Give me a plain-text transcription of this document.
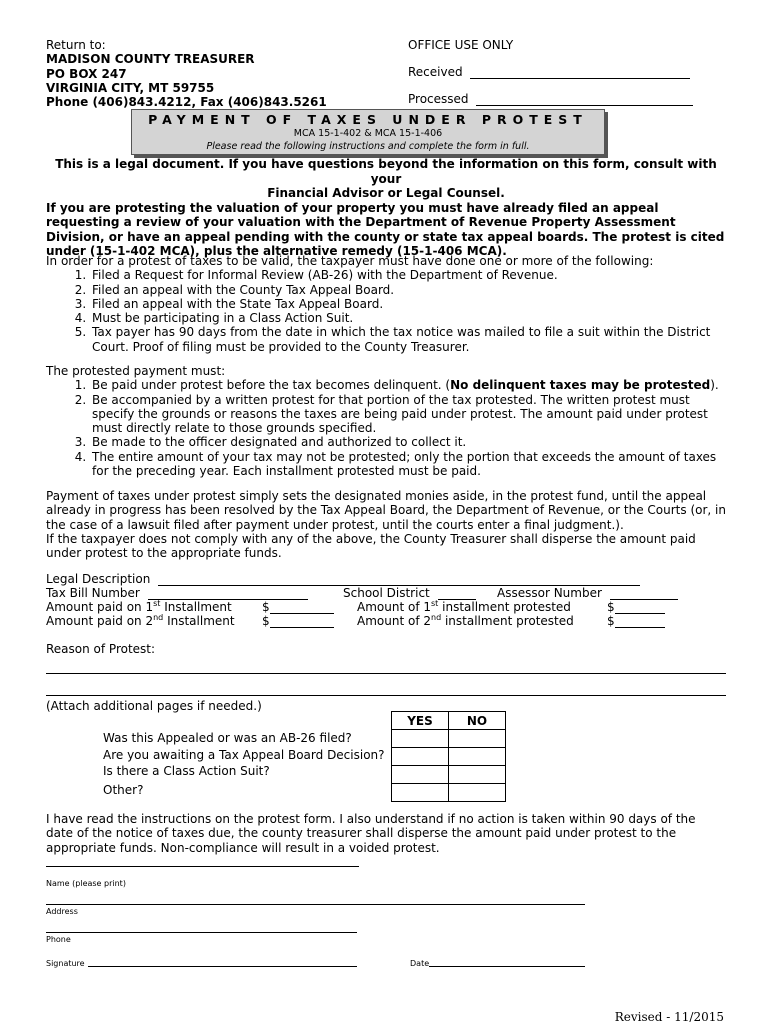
Return to:
MADISON COUNTY TREASURER
PO BOX 247
VIRGINIA CITY, MT 59755
Phone (406)843.4212, Fax (406)843.5261
OFFICE USE ONLY
Received
Processed
PAYMENT OF TAXES UNDER PROTEST
MCA 15-1-402 & MCA 15-1-406
Please read the following instructions and complete the form in full.
This is a legal document. If you have questions beyond the information on this form, consult with your
Financial Advisor or Legal Counsel.
If you are protesting the valuation of your property you must have already filed an appeal requesting a review of your valuation with the Department of Revenue Property Assessment Division, or have an appeal pending with the county or state tax appeal boards. The protest is cited under (15-1-402 MCA), plus the alternative remedy (15-1-406 MCA).
In order for a protest of taxes to be valid, the taxpayer must have done one or more of the following:
1. Filed a Request for Informal Review (AB-26) with the Department of Revenue.
2. Filed an appeal with the County Tax Appeal Board.
3. Filed an appeal with the State Tax Appeal Board.
4. Must be participating in a Class Action Suit.
5. Tax payer has 90 days from the date in which the tax notice was mailed to file a suit within the District Court. Proof of filing must be provided to the County Treasurer.
The protested payment must:
1. Be paid under protest before the tax becomes delinquent. (No delinquent taxes may be protested).
2. Be accompanied by a written protest for that portion of the tax protested. The written protest must specify the grounds or reasons the taxes are being paid under protest. The amount paid under protest must directly relate to those grounds specified.
3. Be made to the officer designated and authorized to collect it.
4. The entire amount of your tax may not be protested; only the portion that exceeds the amount of taxes for the preceding year. Each installment protested must be paid.
Payment of taxes under protest simply sets the designated monies aside, in the protest fund, until the appeal already in progress has been resolved by the Tax Appeal Board, the Department of Revenue, or the Courts (or, in the case of a lawsuit filed after payment under protest, until the courts enter a final judgment.).
If the taxpayer does not comply with any of the above, the County Treasurer shall disperse the amount paid under protest to the appropriate funds.
Legal Description
Tax Bill Number	School District	Assessor Number
Amount paid on 1st Installment	$	Amount of 1st installment protested	$
Amount paid on 2nd Installment $	Amount of 2nd installment protested	$
Reason of Protest:
(Attach additional pages if needed.)
YES	NO

Was this Appealed or was an AB-26 filed?
Are you awaiting a Tax Appeal Board Decision?
Is there a Class Action Suit?
Other?
I have read the instructions on the protest form. I also understand if no action is taken within 90 days of the date of the notice of taxes due, the county treasurer shall disperse the amount paid under protest to the appropriate funds. Non-compliance will result in a voided protest.
Name (please print)
Address
Phone
Signature	Date
Revised - 11/2015
